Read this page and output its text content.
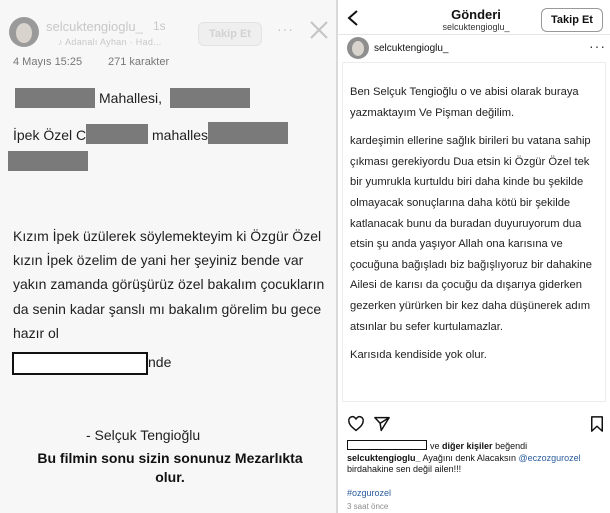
selcuktengioglu_ 1s
♪ Adanalı Ayhan · Had...
Takip Et	···
4 Mayıs 15:25 271 karakter
Mahallesi,
İpek Özel C	mahalles
Kızım İpek üzülerek söylemekteyim ki Özgür Özel kızın İpek özelim de yani her şeyiniz bende var yakın zamanda görüşürüz özel bakalım çocukların da senin kadar şanslı mı bakalım görelim bu gece hazır ol
nde
- Selçuk Tengioğlu
Bu filmin sonu sizin sonunuz Mezarlıkta olur.
Gönderi
selcuktengioglu_
Takip Et
selcuktengioglu_	···

Ben Selçuk Tengioğlu o ve abisi olarak buraya yazmaktayım Ve Pişman değilim.

kardeşimin ellerine sağlık birileri bu vatana sahip çıkması gerekiyordu Dua etsin ki Özgür Özel tek bir yumrukla kurtuldu biri daha kinde bu şekilde olmayacak sonuçlarına daha kötü bir şekilde katlanacak bunu da buradan duyuruyorum dua etsin şu anda yaşıyor Allah ona karısına ve çocuğuna bağışladı biz bağışlıyoruz bir dahakine Ailesi de karısı da çocuğu da dışarıya giderken gezerken yürürken bir kez daha düşünerek adım atsınlar bu sefer kurtulamazlar.

Karısıda kendiside yok olur.

ve diğer kişiler beğendi
selcuktengioglu_ Ayağını denk Alacaksın @eczozgurozel
birdahakine sen değil ailen!!!
#ozgurozel
3 saat önce
